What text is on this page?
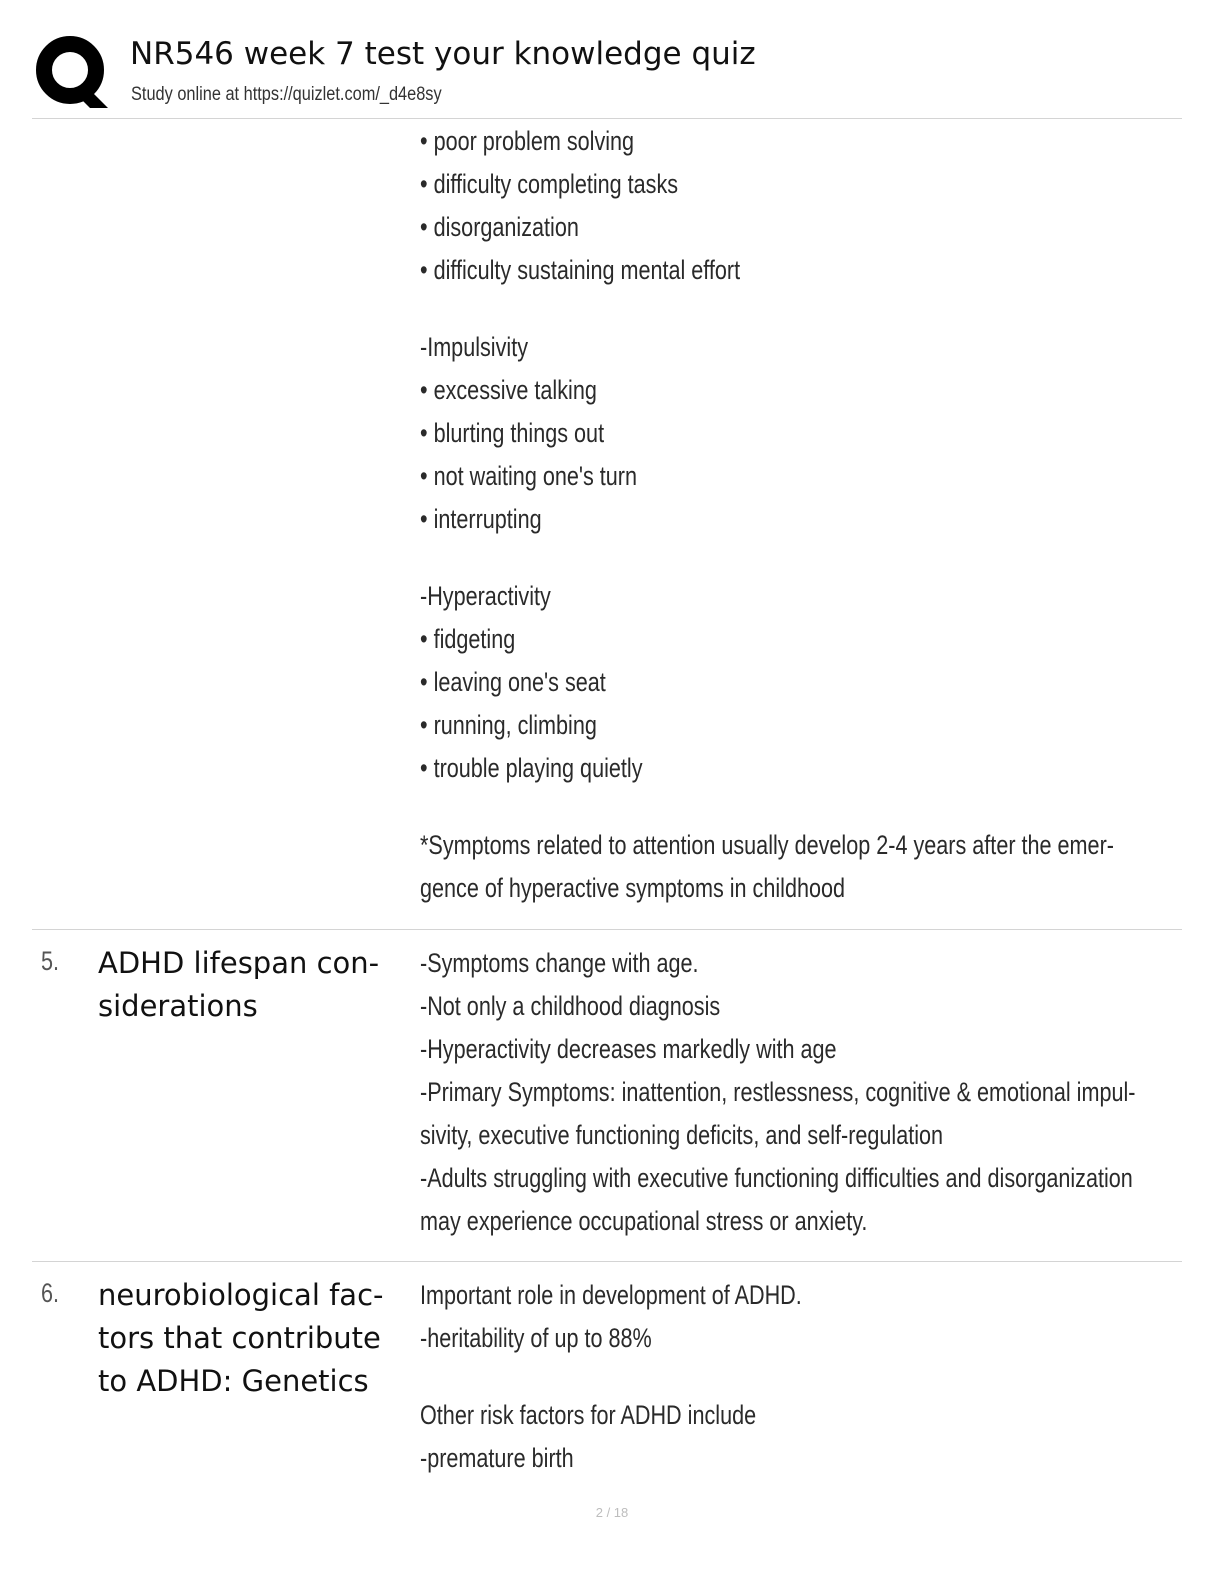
NR546 week 7 test your knowledge quiz
Study online at https://quizlet.com/_d4e8sy
• poor problem solving
• difficulty completing tasks
• disorganization
• difficulty sustaining mental effort
-Impulsivity
• excessive talking
• blurting things out
• not waiting one's turn
• interrupting
-Hyperactivity
• fidgeting
• leaving one's seat
• running, climbing
• trouble playing quietly
*Symptoms related to attention usually develop 2-4 years after the emer-
gence of hyperactive symptoms in childhood
5. ADHD lifespan con-
siderations
-Symptoms change with age.
-Not only a childhood diagnosis
-Hyperactivity decreases markedly with age
-Primary Symptoms: inattention, restlessness, cognitive & emotional impul-
sivity, executive functioning deficits, and self-regulation
-Adults struggling with executive functioning difficulties and disorganization
may experience occupational stress or anxiety.
6. neurobiological fac-
tors that contribute
to ADHD: Genetics
Important role in development of ADHD.
-heritability of up to 88%
Other risk factors for ADHD include
-premature birth
2 / 18
